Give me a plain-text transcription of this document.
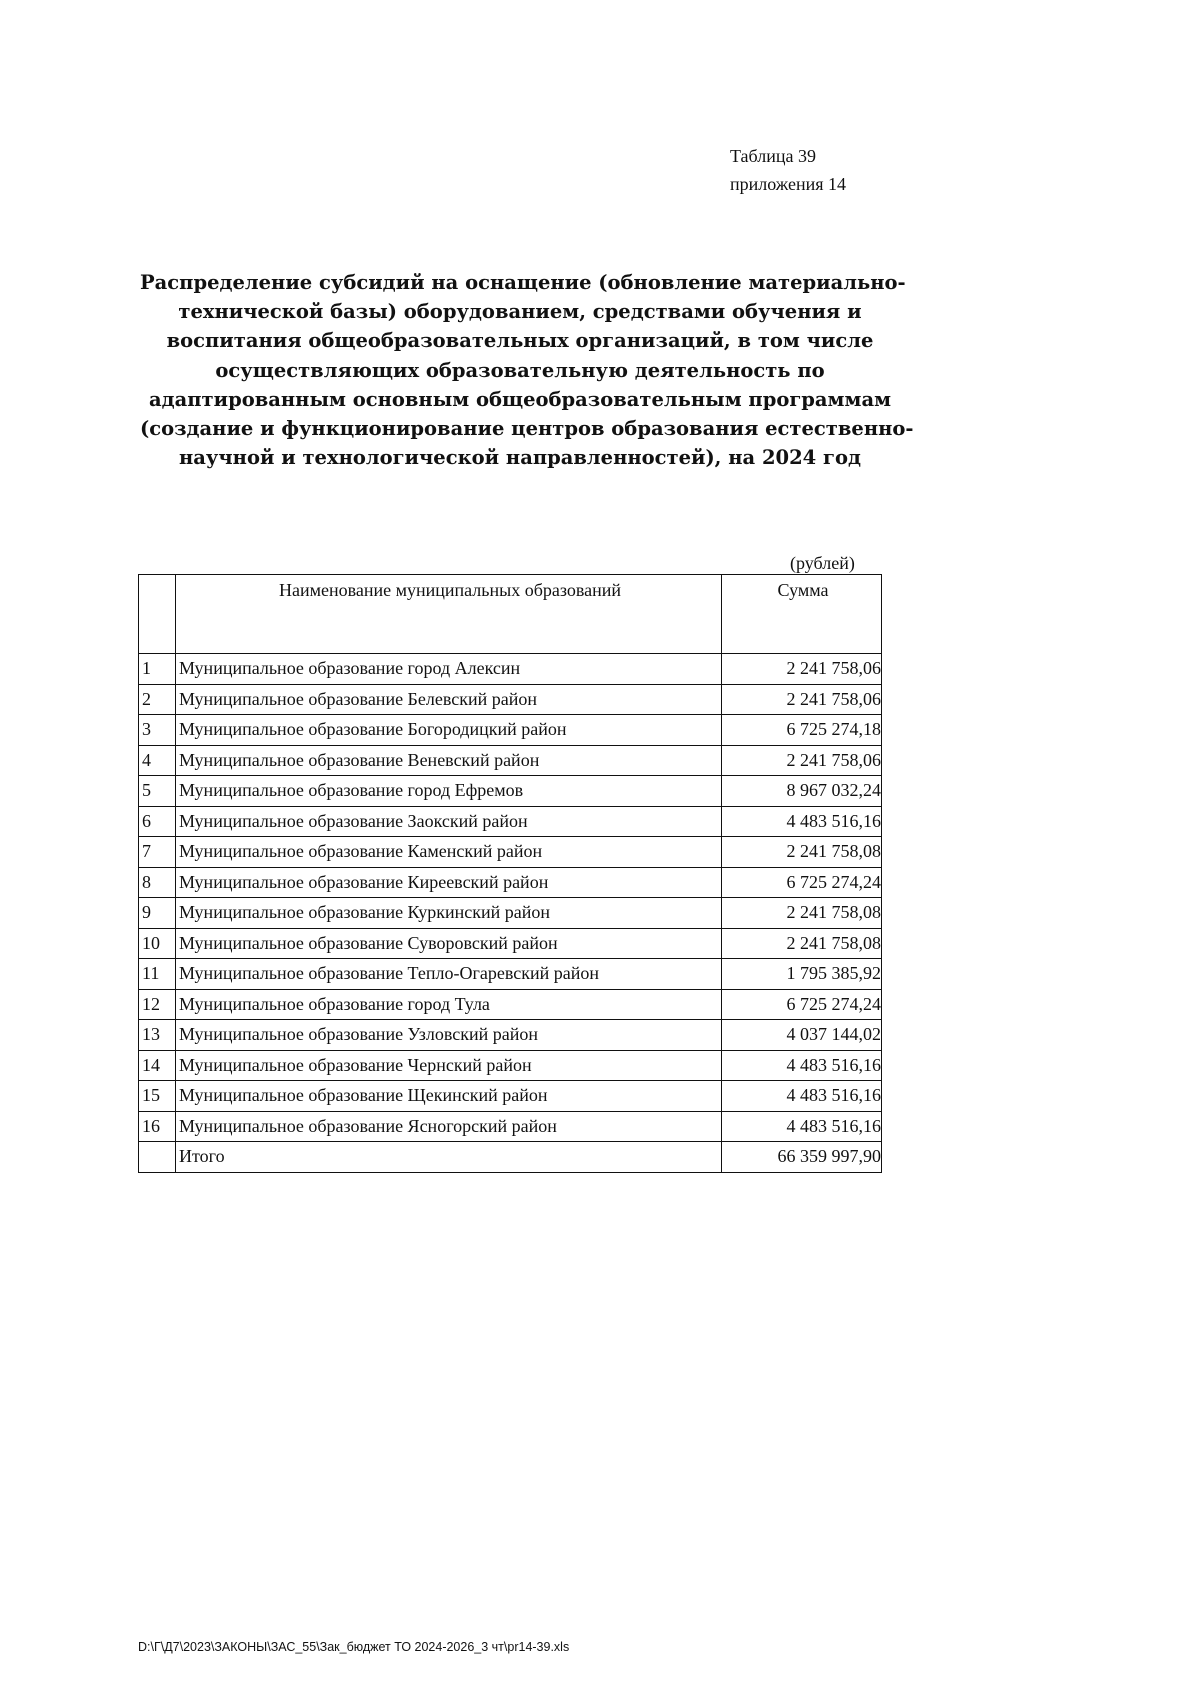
Таблица 39
приложения 14
Распределение субсидий на оснащение (обновление материально-
технической базы) оборудованием, средствами обучения и
воспитания общеобразовательных организаций, в том числе
осуществляющих образовательную деятельность по
адаптированным основным общеобразовательным программам
(создание и функционирование центров образования естественно-
научной и технологической направленностей), на 2024 год
(рублей)
	Наименование муниципальных образований	Сумма
1	Муниципальное образование город Алексин	2 241 758,06
2	Муниципальное образование Белевский район	2 241 758,06
3	Муниципальное образование Богородицкий район	6 725 274,18
4	Муниципальное образование Веневский район	2 241 758,06
5	Муниципальное образование город Ефремов	8 967 032,24
6	Муниципальное образование Заокский район	4 483 516,16
7	Муниципальное образование Каменский район	2 241 758,08
8	Муниципальное образование Киреевский район	6 725 274,24
9	Муниципальное образование Куркинский район	2 241 758,08
10	Муниципальное образование Суворовский район	2 241 758,08
11	Муниципальное образование Тепло-Огаревский район	1 795 385,92
12	Муниципальное образование город Тула	6 725 274,24
13	Муниципальное образование Узловский район	4 037 144,02
14	Муниципальное образование Чернский район	4 483 516,16
15	Муниципальное образование Щекинский район	4 483 516,16
16	Муниципальное образование Ясногорский район	4 483 516,16
	Итого	66 359 997,90
D:\Г\Д7\2023\ЗАКОНЫ\ЗАС_55\Зак_бюджет ТО 2024-2026_3 чт\pr14-39.xls
